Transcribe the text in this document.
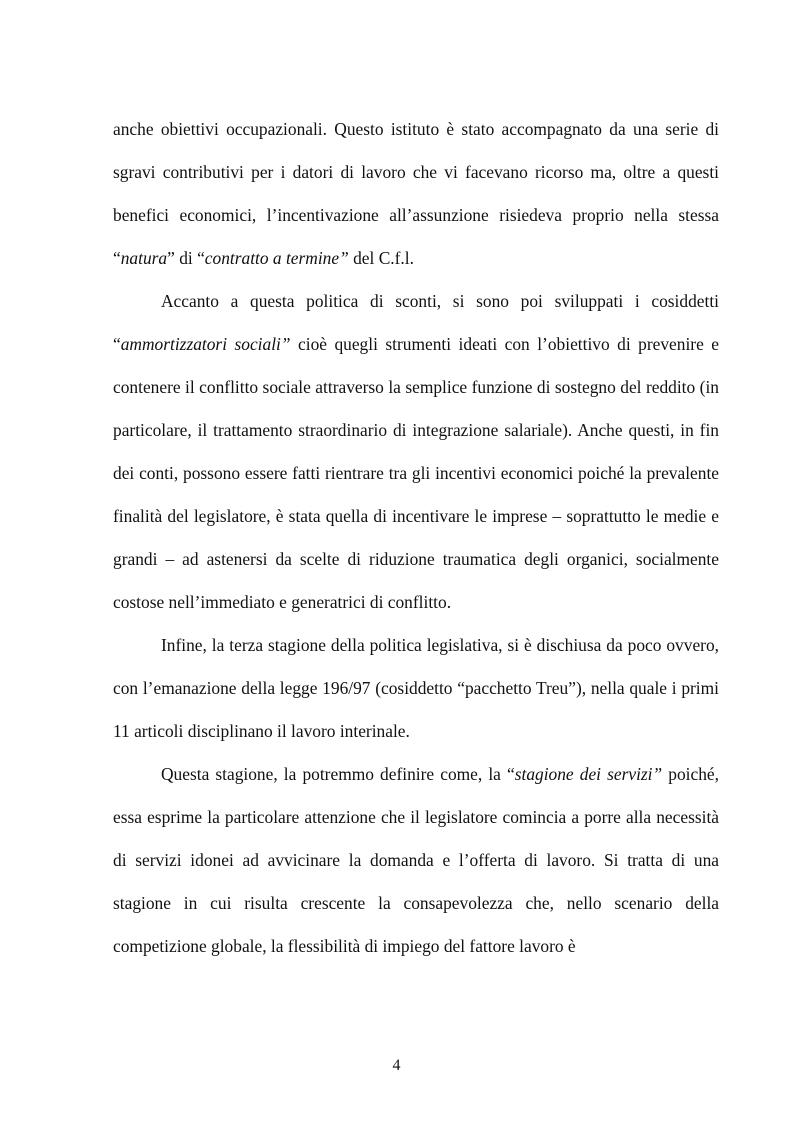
anche obiettivi occupazionali. Questo istituto è stato accompagnato da una serie di sgravi contributivi per i datori di lavoro che vi facevano ricorso ma, oltre a questi benefici economici, l’incentivazione all’assunzione risiedeva proprio nella stessa “natura” di “contratto a termine” del C.f.l.

Accanto a questa politica di sconti, si sono poi sviluppati i cosiddetti “ammortizzatori sociali” cioè quegli strumenti ideati con l’obiettivo di prevenire e contenere il conflitto sociale attraverso la semplice funzione di sostegno del reddito (in particolare, il trattamento straordinario di integrazione salariale). Anche questi, in fin dei conti, possono essere fatti rientrare tra gli incentivi economici poiché la prevalente finalità del legislatore, è stata quella di incentivare le imprese – soprattutto le medie e grandi – ad astenersi da scelte di riduzione traumatica degli organici, socialmente costose nell’immediato e generatrici di conflitto.

Infine, la terza stagione della politica legislativa, si è dischiusa da poco ovvero, con l’emanazione della legge 196/97 (cosiddetto “pacchetto Treu”), nella quale i primi 11 articoli disciplinano il lavoro interinale.

Questa stagione, la potremmo definire come, la “stagione dei servizi” poiché, essa esprime la particolare attenzione che il legislatore comincia a porre alla necessità di servizi idonei ad avvicinare la domanda e l’offerta di lavoro. Si tratta di una stagione in cui risulta crescente la consapevolezza che, nello scenario della competizione globale, la flessibilità di impiego del fattore lavoro è

4
